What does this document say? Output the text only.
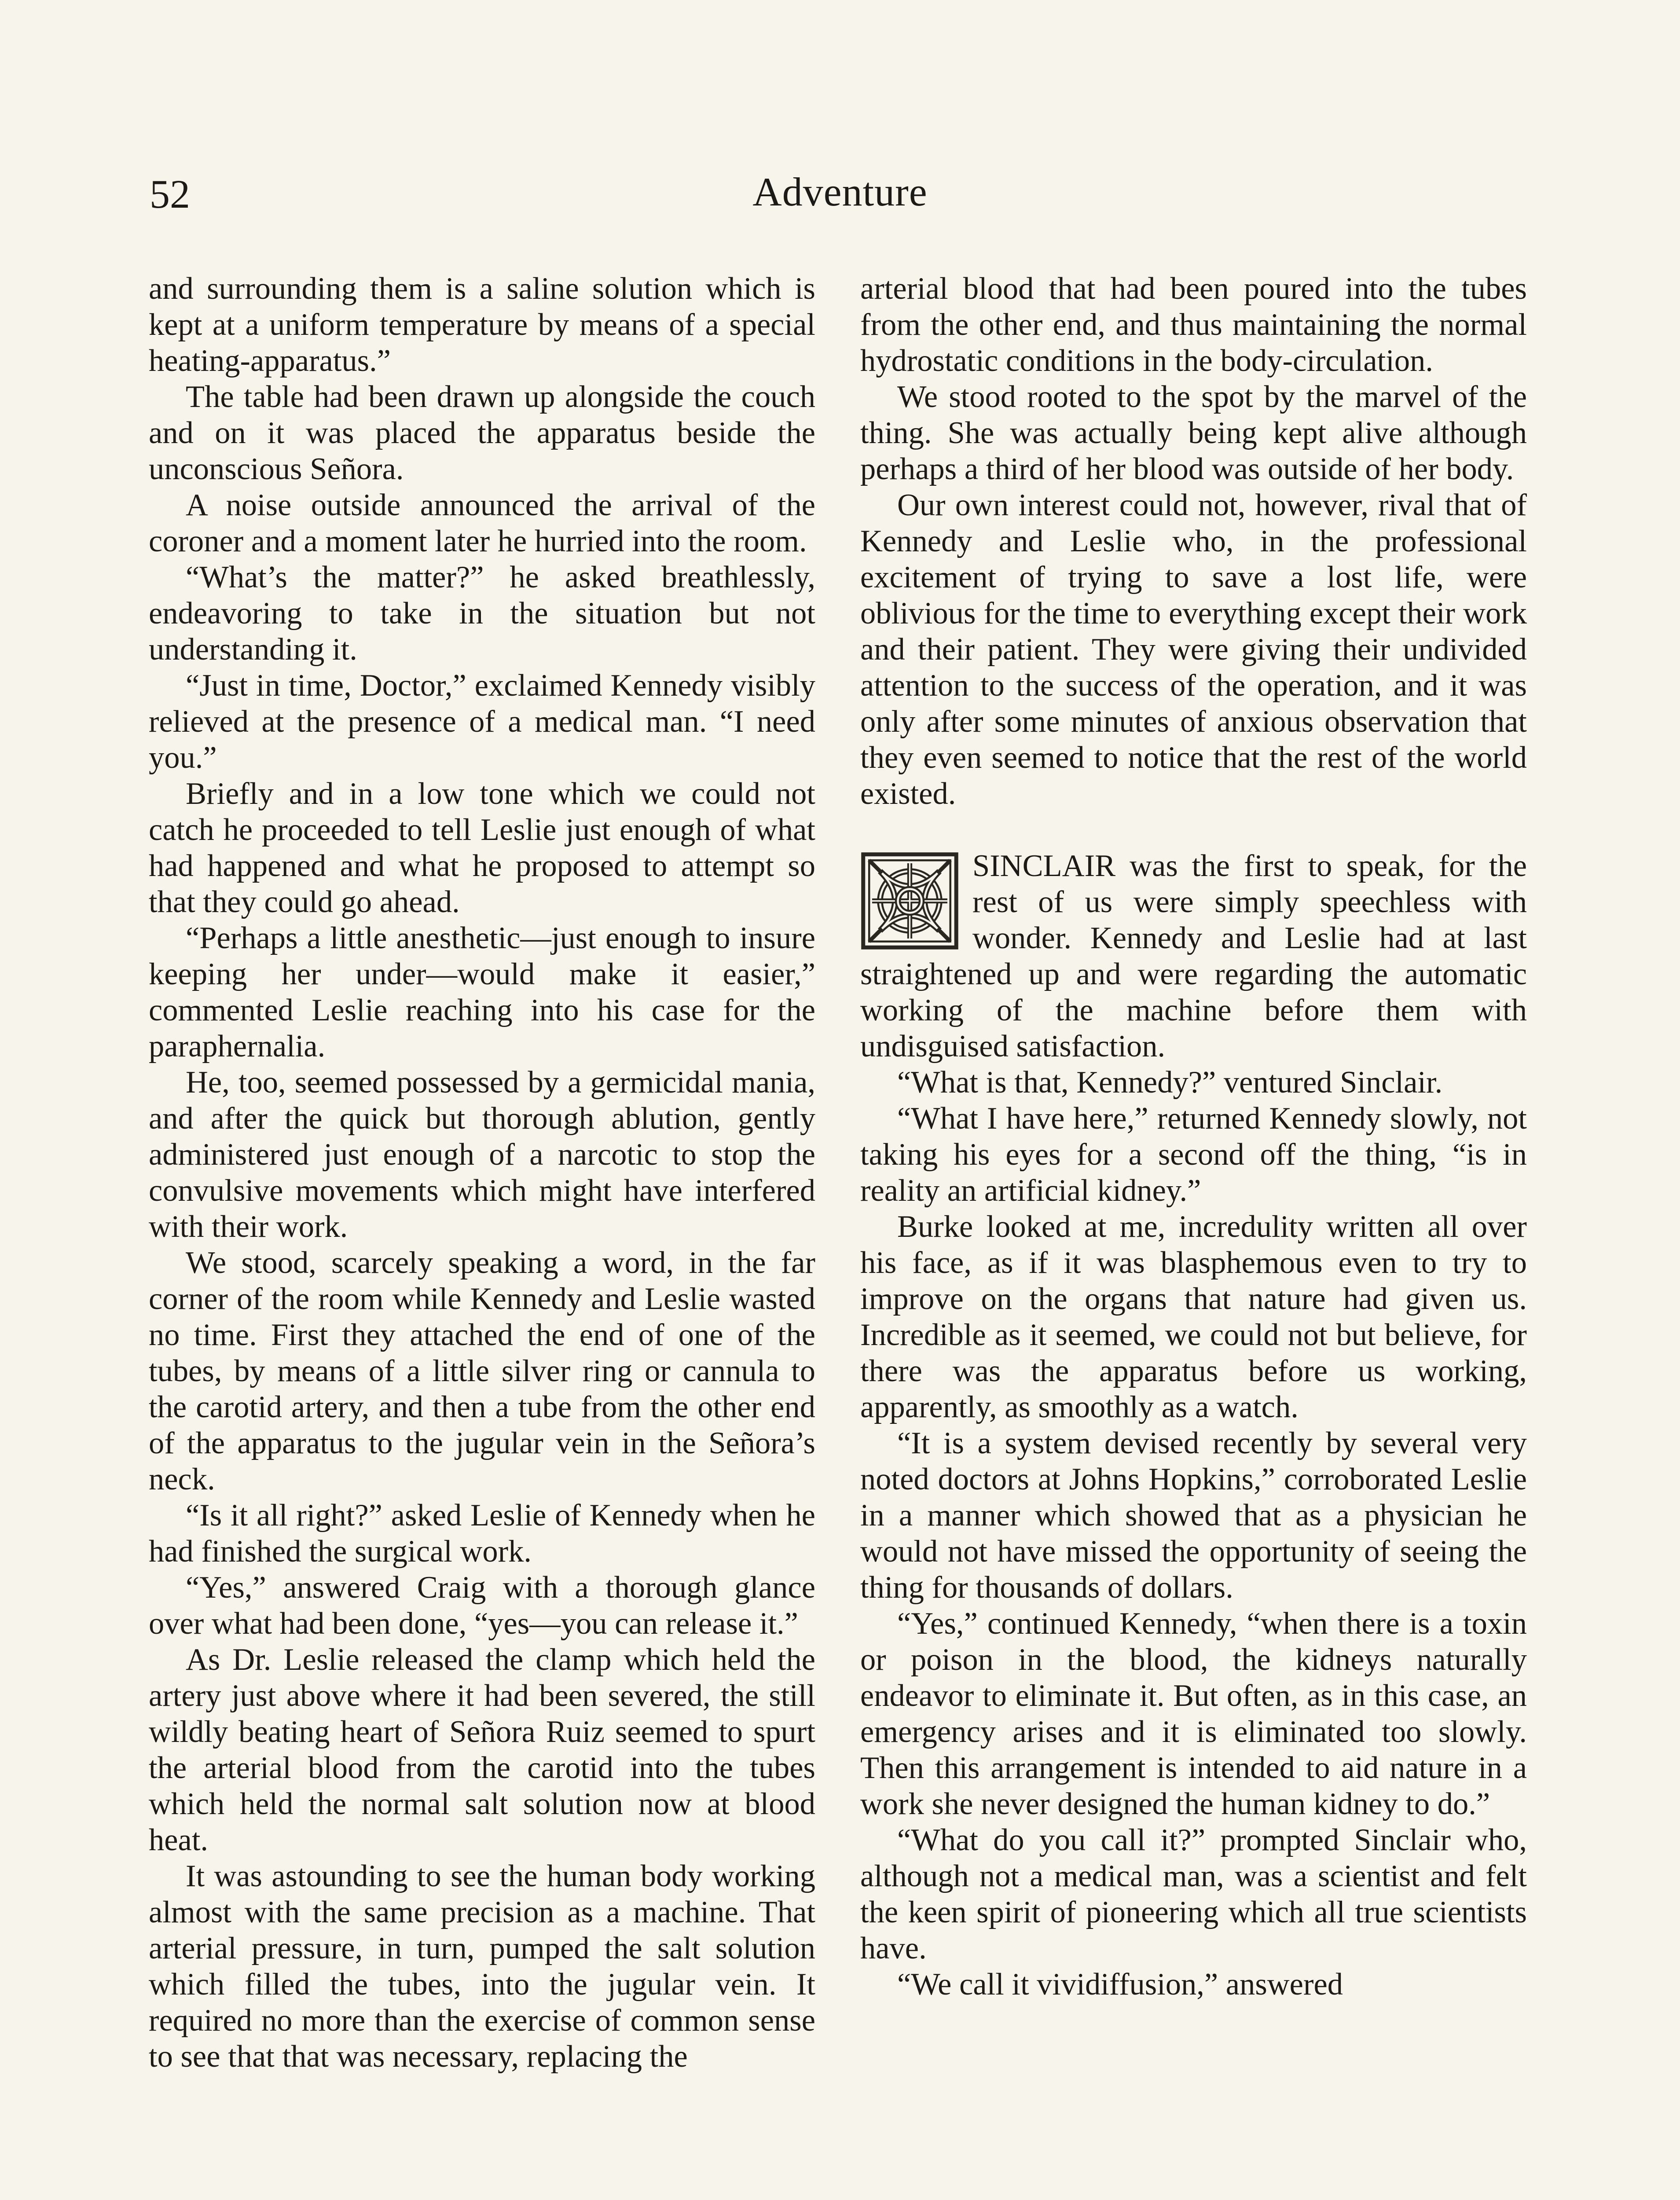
52	Adventure

and surrounding them is a saline solution which is kept at a uniform temperature by means of a special heating-apparatus.”

The table had been drawn up alongside the couch and on it was placed the apparatus beside the unconscious Señora.

A noise outside announced the arrival of the coroner and a moment later he hurried into the room.

“What’s the matter?” he asked breathlessly, endeavoring to take in the situation but not understanding it.

“Just in time, Doctor,” exclaimed Kennedy visibly relieved at the presence of a medical man. “I need you.”

Briefly and in a low tone which we could not catch he proceeded to tell Leslie just enough of what had happened and what he proposed to attempt so that they could go ahead.

“Perhaps a little anesthetic—just enough to insure keeping her under—would make it easier,” commented Leslie reaching into his case for the paraphernalia.

He, too, seemed possessed by a germicidal mania, and after the quick but thorough ablution, gently administered just enough of a narcotic to stop the convulsive movements which might have interfered with their work.

We stood, scarcely speaking a word, in the far corner of the room while Kennedy and Leslie wasted no time. First they attached the end of one of the tubes, by means of a little silver ring or cannula to the carotid artery, and then a tube from the other end of the apparatus to the jugular vein in the Señora’s neck.

“Is it all right?” asked Leslie of Kennedy when he had finished the surgical work.

“Yes,” answered Craig with a thorough glance over what had been done, “yes—you can release it.”

As Dr. Leslie released the clamp which held the artery just above where it had been severed, the still wildly beating heart of Señora Ruiz seemed to spurt the arterial blood from the carotid into the tubes which held the normal salt solution now at blood heat.

It was astounding to see the human body working almost with the same precision as a machine. That arterial pressure, in turn, pumped the salt solution which filled the tubes, into the jugular vein. It required no more than the exercise of common sense to see that that was necessary, replacing the

arterial blood that had been poured into the tubes from the other end, and thus maintaining the normal hydrostatic conditions in the body-circulation.

We stood rooted to the spot by the marvel of the thing. She was actually being kept alive although perhaps a third of her blood was outside of her body.

Our own interest could not, however, rival that of Kennedy and Leslie who, in the professional excitement of trying to save a lost life, were oblivious for the time to everything except their work and their patient. They were giving their undivided attention to the success of the operation, and it was only after some minutes of anxious observation that they even seemed to notice that the rest of the world existed.

SINCLAIR was the first to speak, for the rest of us were simply speechless with wonder. Kennedy and Leslie had at last straightened up and were regarding the automatic working of the machine before them with undisguised satisfaction.

“What is that, Kennedy?” ventured Sinclair.

“What I have here,” returned Kennedy slowly, not taking his eyes for a second off the thing, “is in reality an artificial kidney.”

Burke looked at me, incredulity written all over his face, as if it was blasphemous even to try to improve on the organs that nature had given us. Incredible as it seemed, we could not but believe, for there was the apparatus before us working, apparently, as smoothly as a watch.

“It is a system devised recently by several very noted doctors at Johns Hopkins,” corroborated Leslie in a manner which showed that as a physician he would not have missed the opportunity of seeing the thing for thousands of dollars.

“Yes,” continued Kennedy, “when there is a toxin or poison in the blood, the kidneys naturally endeavor to eliminate it. But often, as in this case, an emergency arises and it is eliminated too slowly. Then this arrangement is intended to aid nature in a work she never designed the human kidney to do.”

“What do you call it?” prompted Sinclair who, although not a medical man, was a scientist and felt the keen spirit of pioneering which all true scientists have.

“We call it vividiffusion,” answered
